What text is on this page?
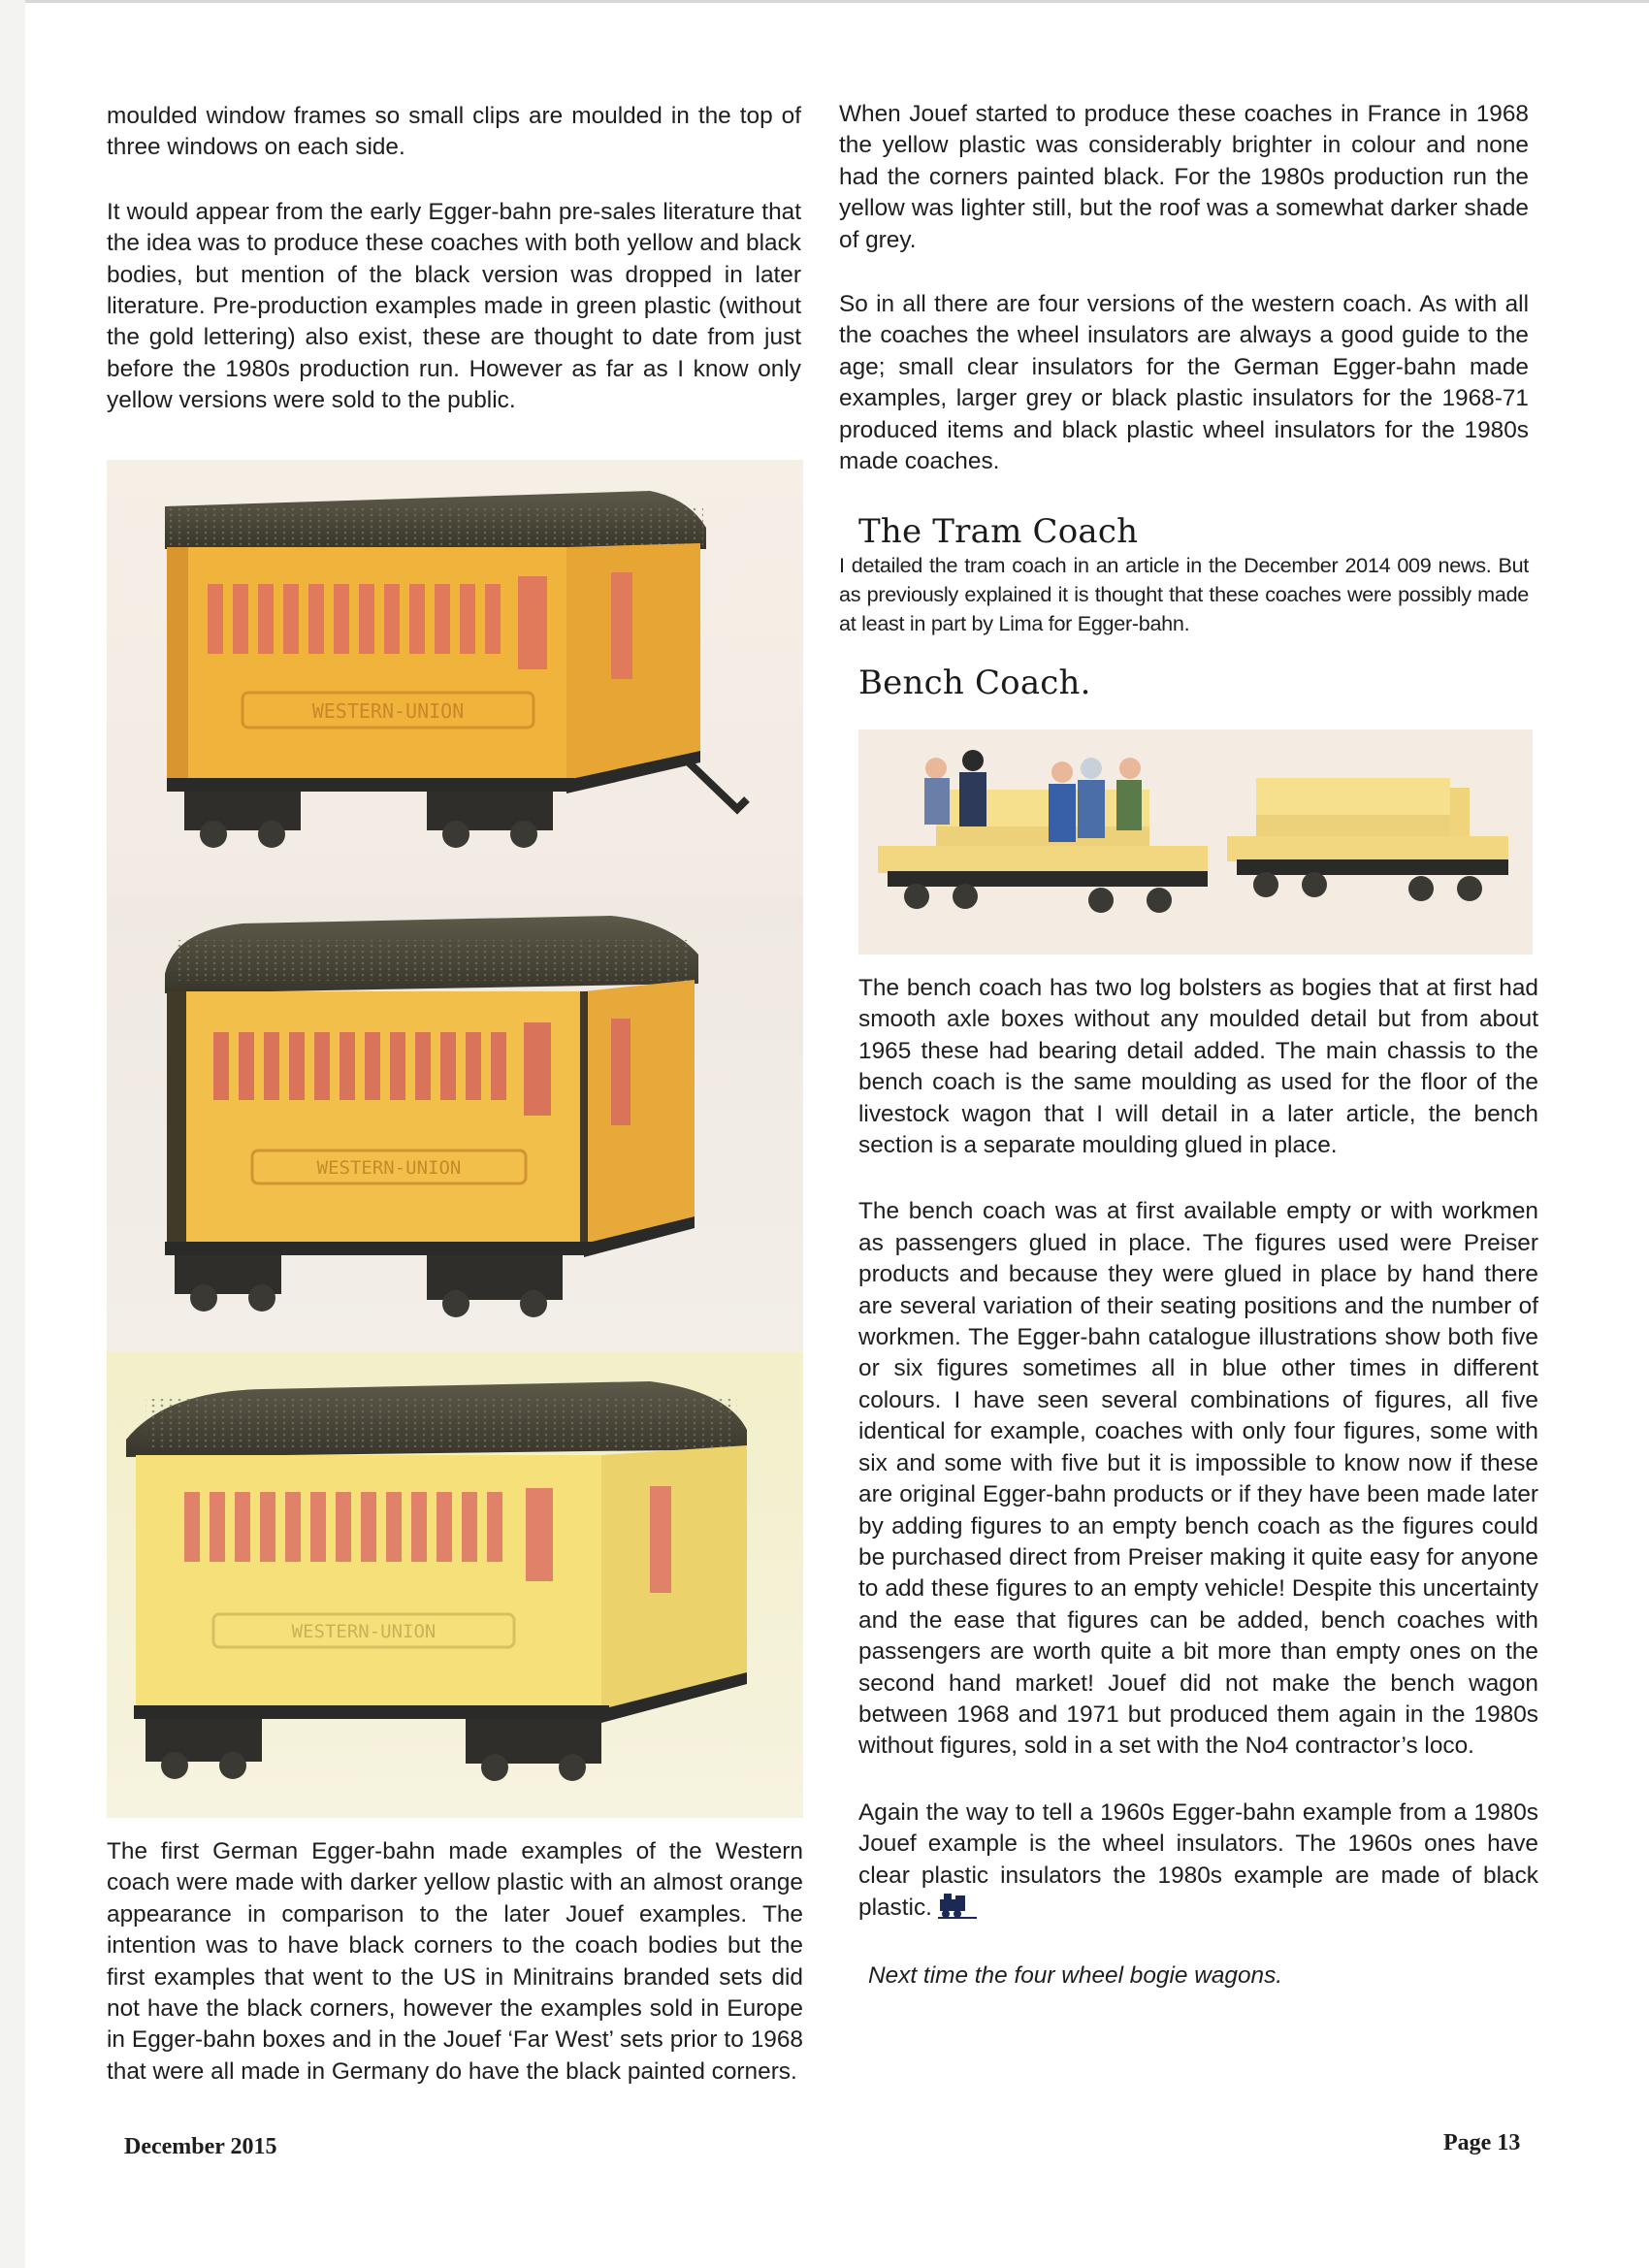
moulded window frames so small clips are moulded in the top of three windows on each side.

It would appear from the early Egger-bahn pre-sales literature that the idea was to produce these coaches with both yellow and black bodies, but mention of the black version was dropped in later literature. Pre-production examples made in green plastic (without the gold lettering) also exist, these are thought to date from just before the 1980s production run. However as far as I know only yellow versions were sold to the public.

WESTERN-UNION
WESTERN-UNION
WESTERN-UNION

The first German Egger-bahn made examples of the Western coach were made with darker yellow plastic with an almost orange appearance in comparison to the later Jouef examples. The intention was to have black corners to the coach bodies but the first examples that went to the US in Minitrains branded sets did not have the black corners, however the examples sold in Europe in Egger-bahn boxes and in the Jouef ‘Far West’ sets prior to 1968 that were all made in Germany do have the black painted corners.

When Jouef started to produce these coaches in France in 1968 the yellow plastic was considerably brighter in colour and none had the corners painted black. For the 1980s production run the yellow was lighter still, but the roof was a somewhat darker shade of grey.

So in all there are four versions of the western coach. As with all the coaches the wheel insulators are always a good guide to the age; small clear insulators for the German Egger-bahn made examples, larger grey or black plastic insulators for the 1968-71 produced items and black plastic wheel insulators for the 1980s made coaches.

The Tram Coach

I detailed the tram coach in an article in the December 2014 009 news. But as previously explained it is thought that these coaches were possibly made at least in part by Lima for Egger-bahn.

Bench Coach.

The bench coach has two log bolsters as bogies that at first had smooth axle boxes without any moulded detail but from about 1965 these had bearing detail added. The main chassis to the bench coach is the same moulding as used for the floor of the livestock wagon that I will detail in a later article, the bench section is a separate moulding glued in place.

The bench coach was at first available empty or with workmen as passengers glued in place. The figures used were Preiser products and because they were glued in place by hand there are several variation of their seating positions and the number of workmen. The Egger-bahn catalogue illustrations show both five or six figures sometimes all in blue other times in different colours. I have seen several combinations of figures, all five identical for example, coaches with only four figures, some with six and some with five but it is impossible to know now if these are original Egger-bahn products or if they have been made later by adding figures to an empty bench coach as the figures could be purchased direct from Preiser making it quite easy for anyone to add these figures to an empty vehicle! Despite this uncertainty and the ease that figures can be added, bench coaches with passengers are worth quite a bit more than empty ones on the second hand market! Jouef did not make the bench wagon between 1968 and 1971 but produced them again in the 1980s without figures, sold in a set with the No4 contractor’s loco.

Again the way to tell a 1960s Egger-bahn example from a 1980s Jouef example is the wheel insulators. The 1960s ones have clear plastic insulators the 1980s example are made of black plastic.

Next time the four wheel bogie wagons.

December 2015	Page 13
